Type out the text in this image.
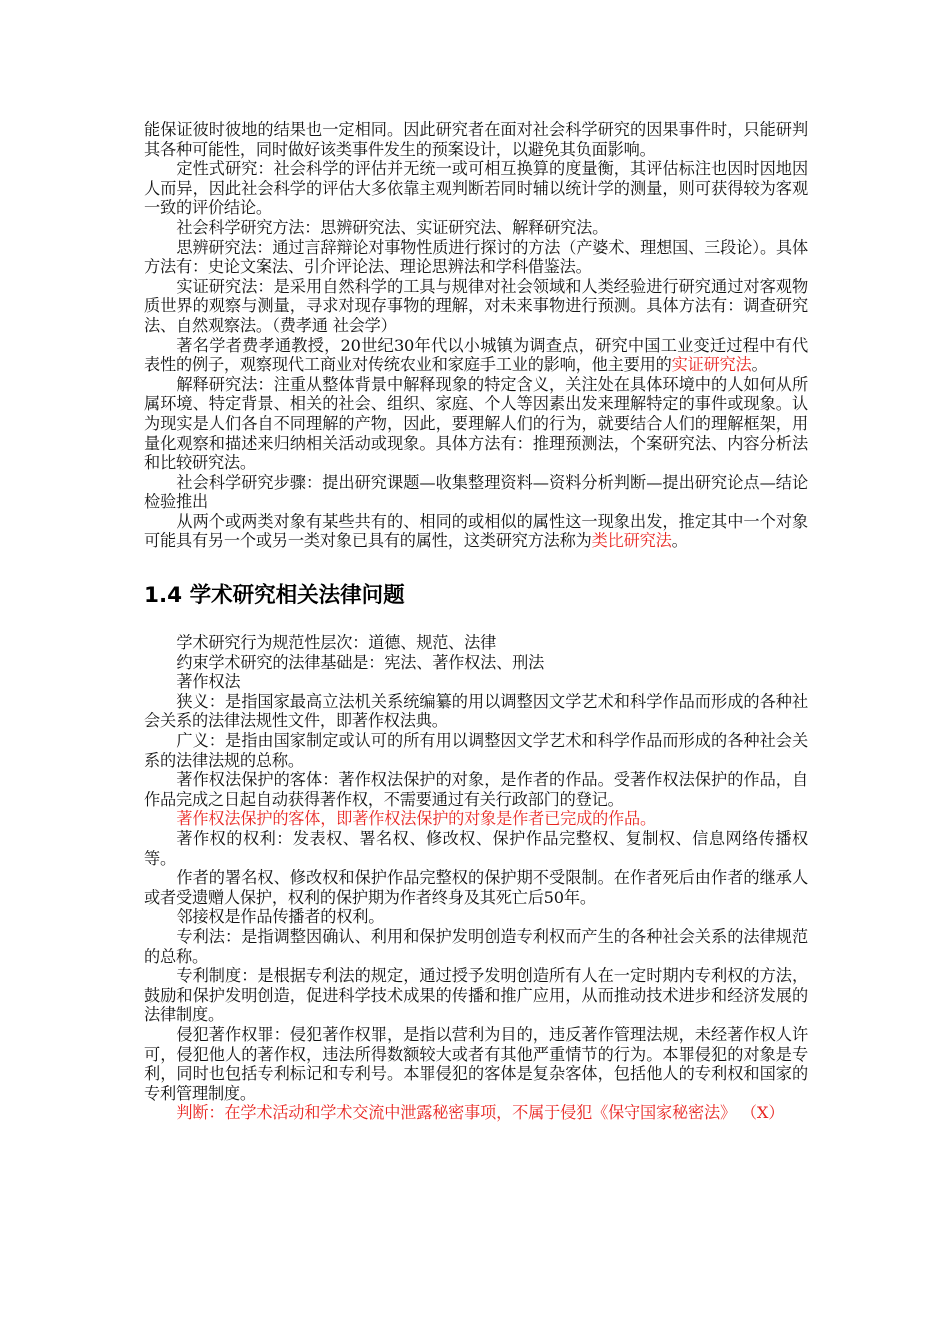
能保证彼时彼地的结果也一定相同。因此研究者在面对社会科学研究的因果事件时，只能研判其各种可能性，同时做好该类事件发生的预案设计，以避免其负面影响。

定性式研究：社会科学的评估并无统一或可相互换算的度量衡，其评估标注也因时因地因人而异，因此社会科学的评估大多依靠主观判断若同时辅以统计学的测量，则可获得较为客观一致的评价结论。

社会科学研究方法：思辨研究法、实证研究法、解释研究法。

思辨研究法：通过言辞辩论对事物性质进行探讨的方法（产婆术、理想国、三段论）。具体方法有：史论文案法、引介评论法、理论思辨法和学科借鉴法。

实证研究法：是采用自然科学的工具与规律对社会领域和人类经验进行研究通过对客观物质世界的观察与测量，寻求对现存事物的理解，对未来事物进行预测。具体方法有：调查研究法、自然观察法。（费孝通 社会学）

著名学者费孝通教授，20世纪30年代以小城镇为调查点，研究中国工业变迁过程中有代表性的例子，观察现代工商业对传统农业和家庭手工业的影响，他主要用的实证研究法。

解释研究法：注重从整体背景中解释现象的特定含义，关注处在具体环境中的人如何从所属环境、特定背景、相关的社会、组织、家庭、个人等因素出发来理解特定的事件或现象。认为现实是人们各自不同理解的产物，因此，要理解人们的行为，就要结合人们的理解框架，用量化观察和描述来归纳相关活动或现象。具体方法有：推理预测法，个案研究法、内容分析法和比较研究法。

社会科学研究步骤：提出研究课题—收集整理资料—资料分析判断—提出研究论点—结论检验推出

从两个或两类对象有某些共有的、相同的或相似的属性这一现象出发，推定其中一个对象可能具有另一个或另一类对象已具有的属性，这类研究方法称为类比研究法。

1.4 学术研究相关法律问题

学术研究行为规范性层次：道德、规范、法律

约束学术研究的法律基础是：宪法、著作权法、刑法

著作权法

狭义：是指国家最高立法机关系统编纂的用以调整因文学艺术和科学作品而形成的各种社会关系的法律法规性文件，即著作权法典。

广义：是指由国家制定或认可的所有用以调整因文学艺术和科学作品而形成的各种社会关系的法律法规的总称。

著作权法保护的客体：著作权法保护的对象，是作者的作品。受著作权法保护的作品，自作品完成之日起自动获得著作权，不需要通过有关行政部门的登记。

著作权法保护的客体，即著作权法保护的对象是作者已完成的作品。

著作权的权利：发表权、署名权、修改权、保护作品完整权、复制权、信息网络传播权等。

作者的署名权、修改权和保护作品完整权的保护期不受限制。在作者死后由作者的继承人或者受遗赠人保护，权利的保护期为作者终身及其死亡后50年。

邻接权是作品传播者的权利。

专利法：是指调整因确认、利用和保护发明创造专利权而产生的各种社会关系的法律规范的总称。

专利制度：是根据专利法的规定，通过授予发明创造所有人在一定时期内专利权的方法，鼓励和保护发明创造，促进科学技术成果的传播和推广应用，从而推动技术进步和经济发展的法律制度。

侵犯著作权罪：侵犯著作权罪，是指以营利为目的，违反著作管理法规，未经著作权人许可，侵犯他人的著作权，违法所得数额较大或者有其他严重情节的行为。本罪侵犯的对象是专利，同时也包括专利标记和专利号。本罪侵犯的客体是复杂客体，包括他人的专利权和国家的专利管理制度。

判断：在学术活动和学术交流中泄露秘密事项，不属于侵犯《保守国家秘密法》 （X）
